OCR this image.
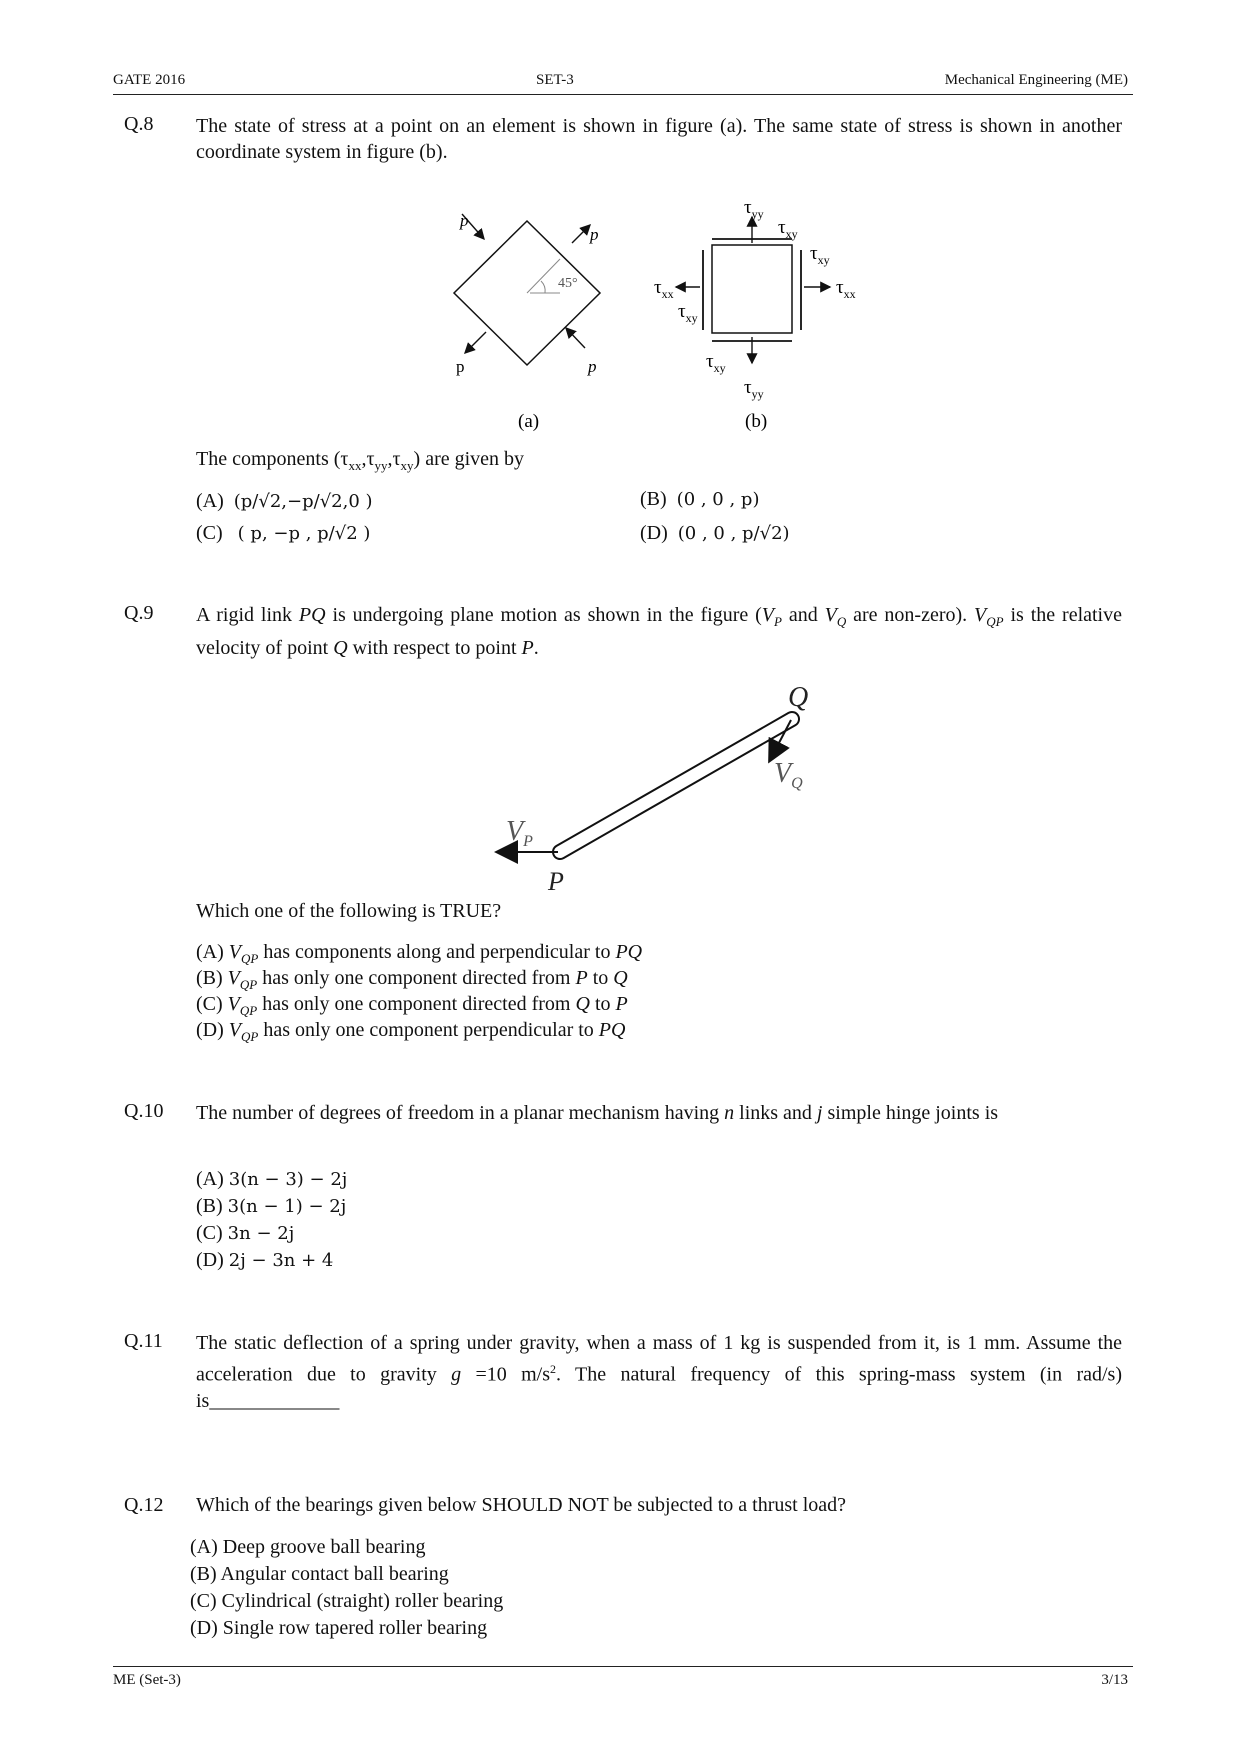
GATE 2016	SET-3	Mechanical Engineering (ME)
Q.8 The state of stress at a point on an element is shown in figure (a). The same state of stress is shown in another coordinate system in figure (b).
45°
p
p
p	p
$\tau_{yy}$
$\tau_{xy}$
$\tau_{xy}$
$\tau_{xx}$
$\tau_{xx}$
$\tau_{xy}$
$\tau_{xy}$
$\tau_{yy}$
(a)	(b)
The components $(\tau_{xx},\tau_{yy},\tau_{xy})$ are given by
(A) (p/√2,−p/√2,0 )	(B) (0 , 0 , p)
(C) ( p, −p , p/√2 )	(D) (0 , 0 , p/√2)
Q.9 A rigid link PQ is undergoing plane motion as shown in the figure ($V_P$ and $V_Q$ are non-zero). $V_{QP}$ is the relative velocity of point Q with respect to point P.
Q
P
$V_Q$
$V_P$
Which one of the following is TRUE?
(A) $V_{QP}$ has components along and perpendicular to PQ
(B) $V_{QP}$ has only one component directed from P to Q
(C) $V_{QP}$ has only one component directed from Q to P
(D) $V_{QP}$ has only one component perpendicular to PQ
Q.10 The number of degrees of freedom in a planar mechanism having n links and j simple hinge joints is
(A) 3(n − 3) − 2j
(B) 3(n − 1) − 2j
(C) 3n − 2j
(D) 2j − 3n + 4
Q.11 The static deflection of a spring under gravity, when a mass of 1 kg is suspended from it, is 1 mm. Assume the acceleration due to gravity g =10 $m/s^2$. The natural frequency of this spring-mass system (in rad/s) is_____________
Q.12 Which of the bearings given below SHOULD NOT be subjected to a thrust load?
(A) Deep groove ball bearing
(B) Angular contact ball bearing
(C) Cylindrical (straight) roller bearing
(D) Single row tapered roller bearing
ME (Set-3)	3/13
